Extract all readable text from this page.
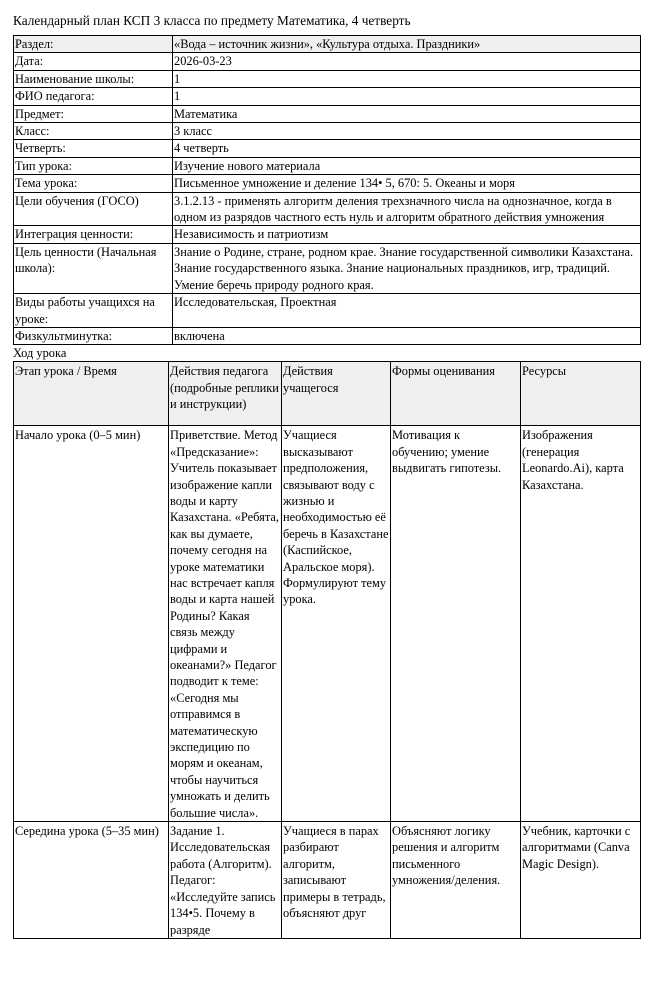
Календарный план КСП 3 класса по предмету Математика, 4 четверть
Раздел:	«Вода – источник жизни», «Культура отдыха. Праздники»
Дата:	2026-03-23
Наименование школы:	1
ФИО педагога:	1
Предмет:	Математика
Класс:	3 класс
Четверть:	4 четверть
Тип урока:	Изучение нового материала
Тема урока:	Письменное умножение и деление 134• 5, 670: 5. Океаны и моря
Цели обучения (ГОСО)	3.1.2.13 - применять алгоритм деления трехзначного числа на однозначное, когда в одном из разрядов частного есть нуль и алгоритм обратного действия умножения
Интеграция ценности:	Независимость и патриотизм
Цель ценности (Начальная школа):	Знание о Родине, стране, родном крае. Знание государственной символики Казахстана. Знание государственного языка. Знание национальных праздников, игр, традиций. Умение беречь природу родного края.
Виды работы учащихся на уроке:	Исследовательская, Проектная
Физкультминутка:	включена
Ход урока
Этап урока / Время	Действия педагога (подробные реплики и инструкции)	Действия учащегося	Формы оценивания	Ресурсы
Начало урока (0–5 мин)	Приветствие. Метод «Предсказание»: Учитель показывает изображение капли воды и карту Казахстана. «Ребята, как вы думаете, почему сегодня на уроке математики нас встречает капля воды и карта нашей Родины? Какая связь между цифрами и океанами?» Педагог подводит к теме: «Сегодня мы отправимся в математическую экспедицию по морям и океанам, чтобы научиться умножать и делить большие числа».	Учащиеся высказывают предположения, связывают воду с жизнью и необходимостью её беречь в Казахстане (Каспийское, Аральское моря). Формулируют тему урока.	Мотивация к обучению; умение выдвигать гипотезы.	Изображения (генерация Leonardo.Ai), карта Казахстана.
Середина урока (5–35 мин)	Задание 1. Исследовательская работа (Алгоритм). Педагог: «Исследуйте запись 134•5. Почему в разряде	Учащиеся в парах разбирают алгоритм, записывают примеры в тетрадь, объясняют друг	Объясняют логику решения и алгоритм письменного умножения/деления.	Учебник, карточки с алгоритмами (Canva Magic Design).
